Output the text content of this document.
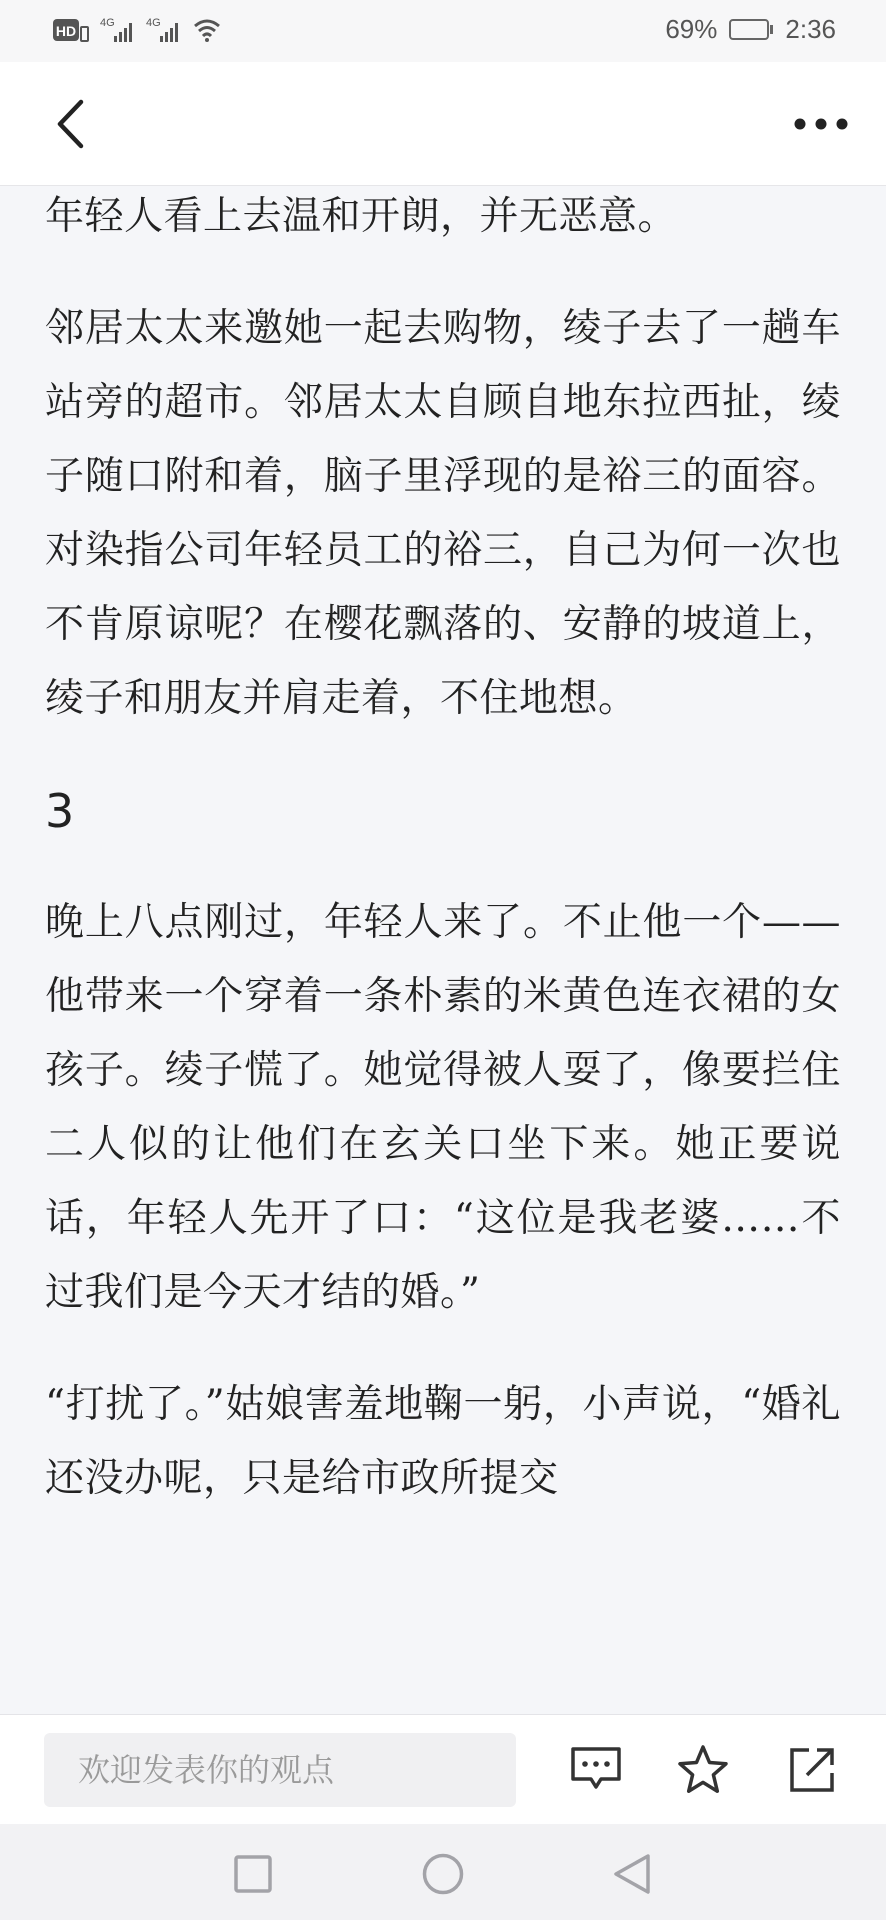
HD 4G	4G	69%	2:36

年轻人看上去温和开朗，并无恶意。

邻居太太来邀她一起去购物，绫子去了一趟车站旁的超市。邻居太太自顾自地东拉西扯，绫子随口附和着，脑子里浮现的是裕三的面容。对染指公司年轻员工的裕三，自己为何一次也不肯原谅呢？在樱花飘落的、安静的坡道上，绫子和朋友并肩走着，不住地想。

3

晚上八点刚过，年轻人来了。不止他一个——他带来一个穿着一条朴素的米黄色连衣裙的女孩子。绫子慌了。她觉得被人耍了，像要拦住二人似的让他们在玄关口坐下来。她正要说话，年轻人先开了口：“这位是我老婆……不过我们是今天才结的婚。”

“打扰了。”姑娘害羞地鞠一躬，小声说，“婚礼还没办呢，只是给市政所提交

欢迎发表你的观点
